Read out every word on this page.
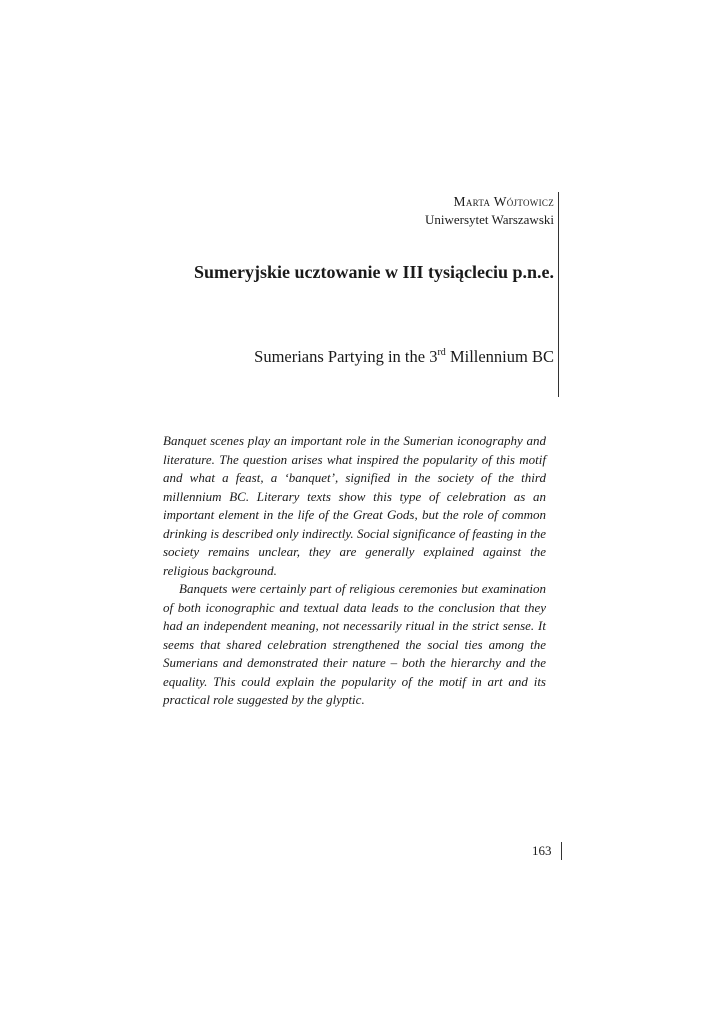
Marta Wójtowicz
Uniwersytet Warszawski
Sumeryjskie ucztowanie w III tysiącleciu p.n.e.
Sumerians Partying in the 3rd Millennium BC

Banquet scenes play an important role in the Sumerian iconography and literature. The question arises what inspired the popularity of this motif and what a feast, a ‘banquet’, signified in the society of the third millennium BC. Literary texts show this type of celebration as an important element in the life of the Great Gods, but the role of common drinking is described only indirectly. Social significance of feasting in the society remains unclear, they are generally explained against the religious background.

Banquets were certainly part of religious ceremonies but examination of both iconographic and textual data leads to the conclusion that they had an independent meaning, not necessarily ritual in the strict sense. It seems that shared celebration strengthened the social ties among the Sumerians and demonstrated their nature – both the hierarchy and the equality. This could explain the popularity of the motif in art and its practical role suggested by the glyptic.

163
